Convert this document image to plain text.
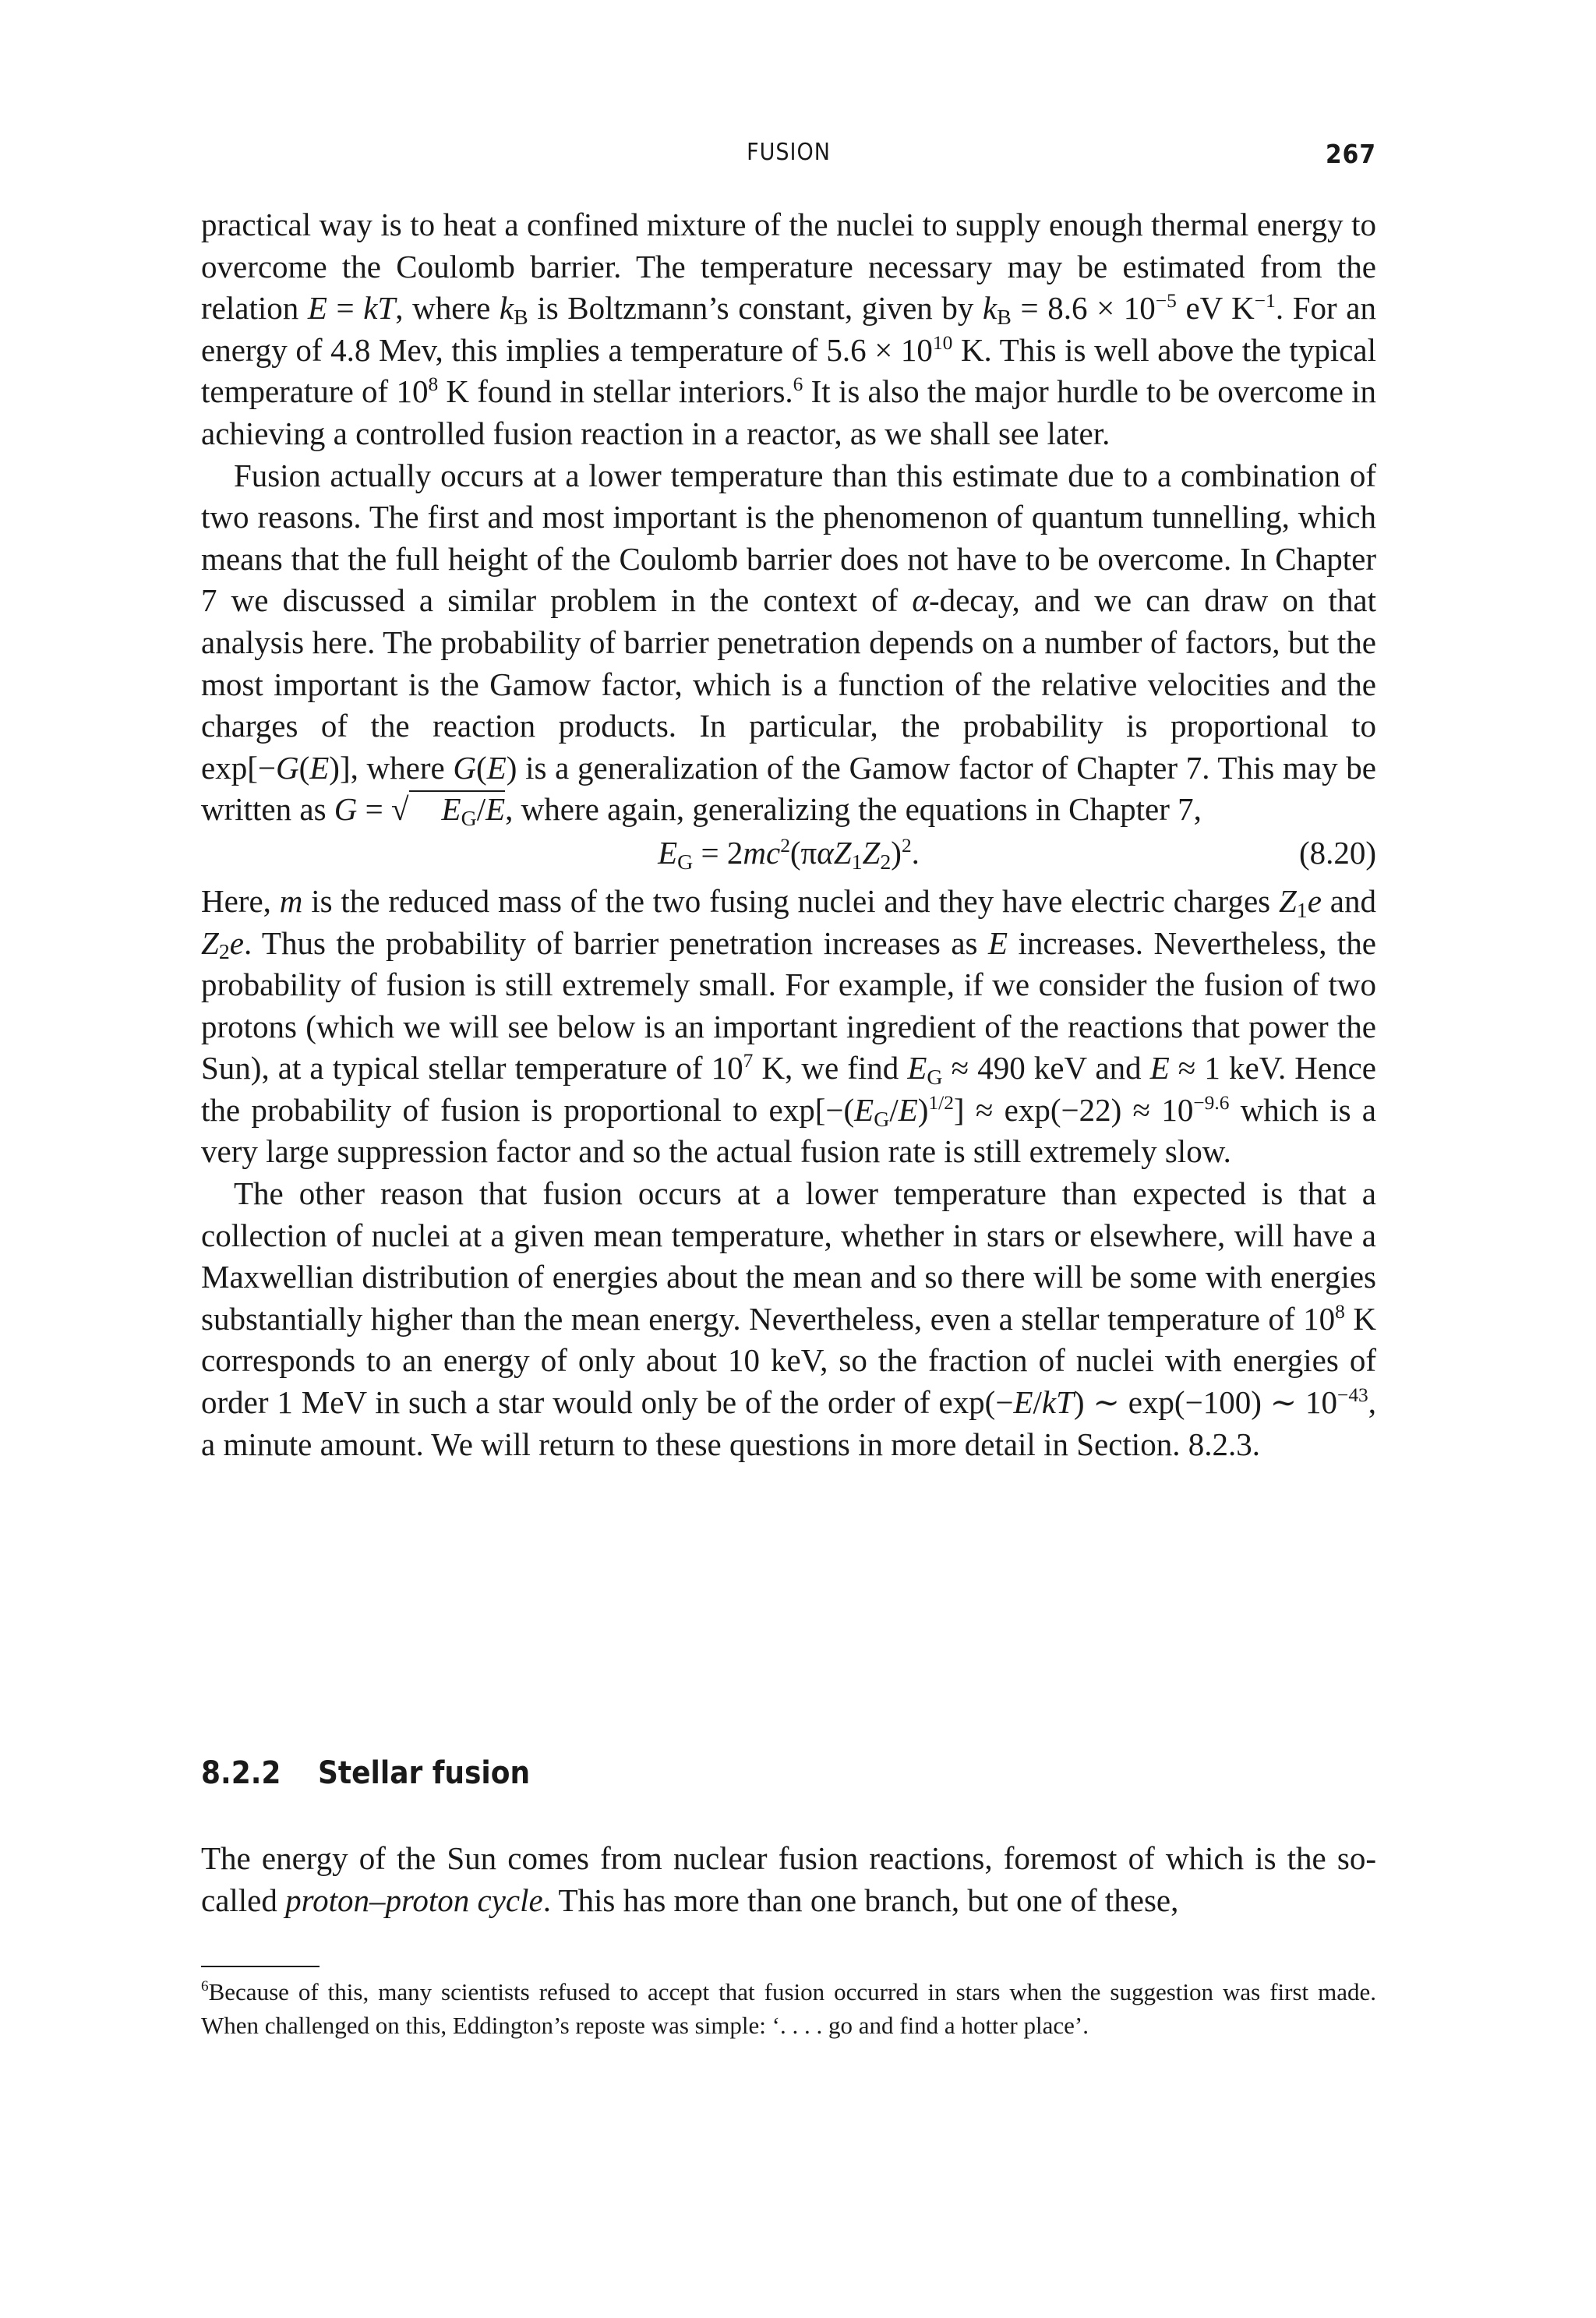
FUSION	267

practical way is to heat a confined mixture of the nuclei to supply enough thermal energy to overcome the Coulomb barrier. The temperature necessary may be estimated from the relation E = kT, where $k_B$ is Boltzmann’s constant, given by $k_B = 8.6 \times 10^{-5}$ eV $K^{-1}$. For an energy of 4.8 Mev, this implies a temperature of $5.6 \times 10^{10}$ K. This is well above the typical temperature of $10^8$ K found in stellar interiors.$^6$ It is also the major hurdle to be overcome in achieving a controlled fusion reaction in a reactor, as we shall see later.

Fusion actually occurs at a lower temperature than this estimate due to a combination of two reasons. The first and most important is the phenomenon of quantum tunnelling, which means that the full height of the Coulomb barrier does not have to be overcome. In Chapter 7 we discussed a similar problem in the context of α-decay, and we can draw on that analysis here. The probability of barrier penetration depends on a number of factors, but the most important is the Gamow factor, which is a function of the relative velocities and the charges of the reaction products. In particular, the probability is proportional to exp[−G(E)], where G(E) is a generalization of the Gamow factor of Chapter 7. This may be written as G = √ $E_G/E$, where again, generalizing the equations in Chapter 7,

$E_G = 2mc^2(\pi\alpha Z_1Z_2)^2$.	(8.20)

Here, m is the reduced mass of the two fusing nuclei and they have electric charges $Z_1e$ and $Z_2e$. Thus the probability of barrier penetration increases as E increases. Nevertheless, the probability of fusion is still extremely small. For example, if we consider the fusion of two protons (which we will see below is an important ingredient of the reactions that power the Sun), at a typical stellar temperature of $10^7$ K, we find $E_G \approx 490$ keV and E ≈ 1 keV. Hence the probability of fusion is proportional to $\exp[-(E_G/E)^{1/2}] \approx \exp(-22) \approx 10^{-9.6}$ which is a very large suppression factor and so the actual fusion rate is still extremely slow.

The other reason that fusion occurs at a lower temperature than expected is that a collection of nuclei at a given mean temperature, whether in stars or elsewhere, will have a Maxwellian distribution of energies about the mean and so there will be some with energies substantially higher than the mean energy. Nevertheless, even a stellar temperature of $10^8$ K corresponds to an energy of only about 10 keV, so the fraction of nuclei with energies of order 1 MeV in such a star would only be of the order of exp(−E/kT) ∼ exp(−100) ∼ $10^{-43}$, a minute amount. We will return to these questions in more detail in Section. 8.2.3.

8.2.2 Stellar fusion

The energy of the Sun comes from nuclear fusion reactions, foremost of which is the so-called proton–proton cycle. This has more than one branch, but one of these,

$^6$Because of this, many scientists refused to accept that fusion occurred in stars when the suggestion was first made. When challenged on this, Eddington’s reposte was simple: ‘. . . . go and find a hotter place’.
